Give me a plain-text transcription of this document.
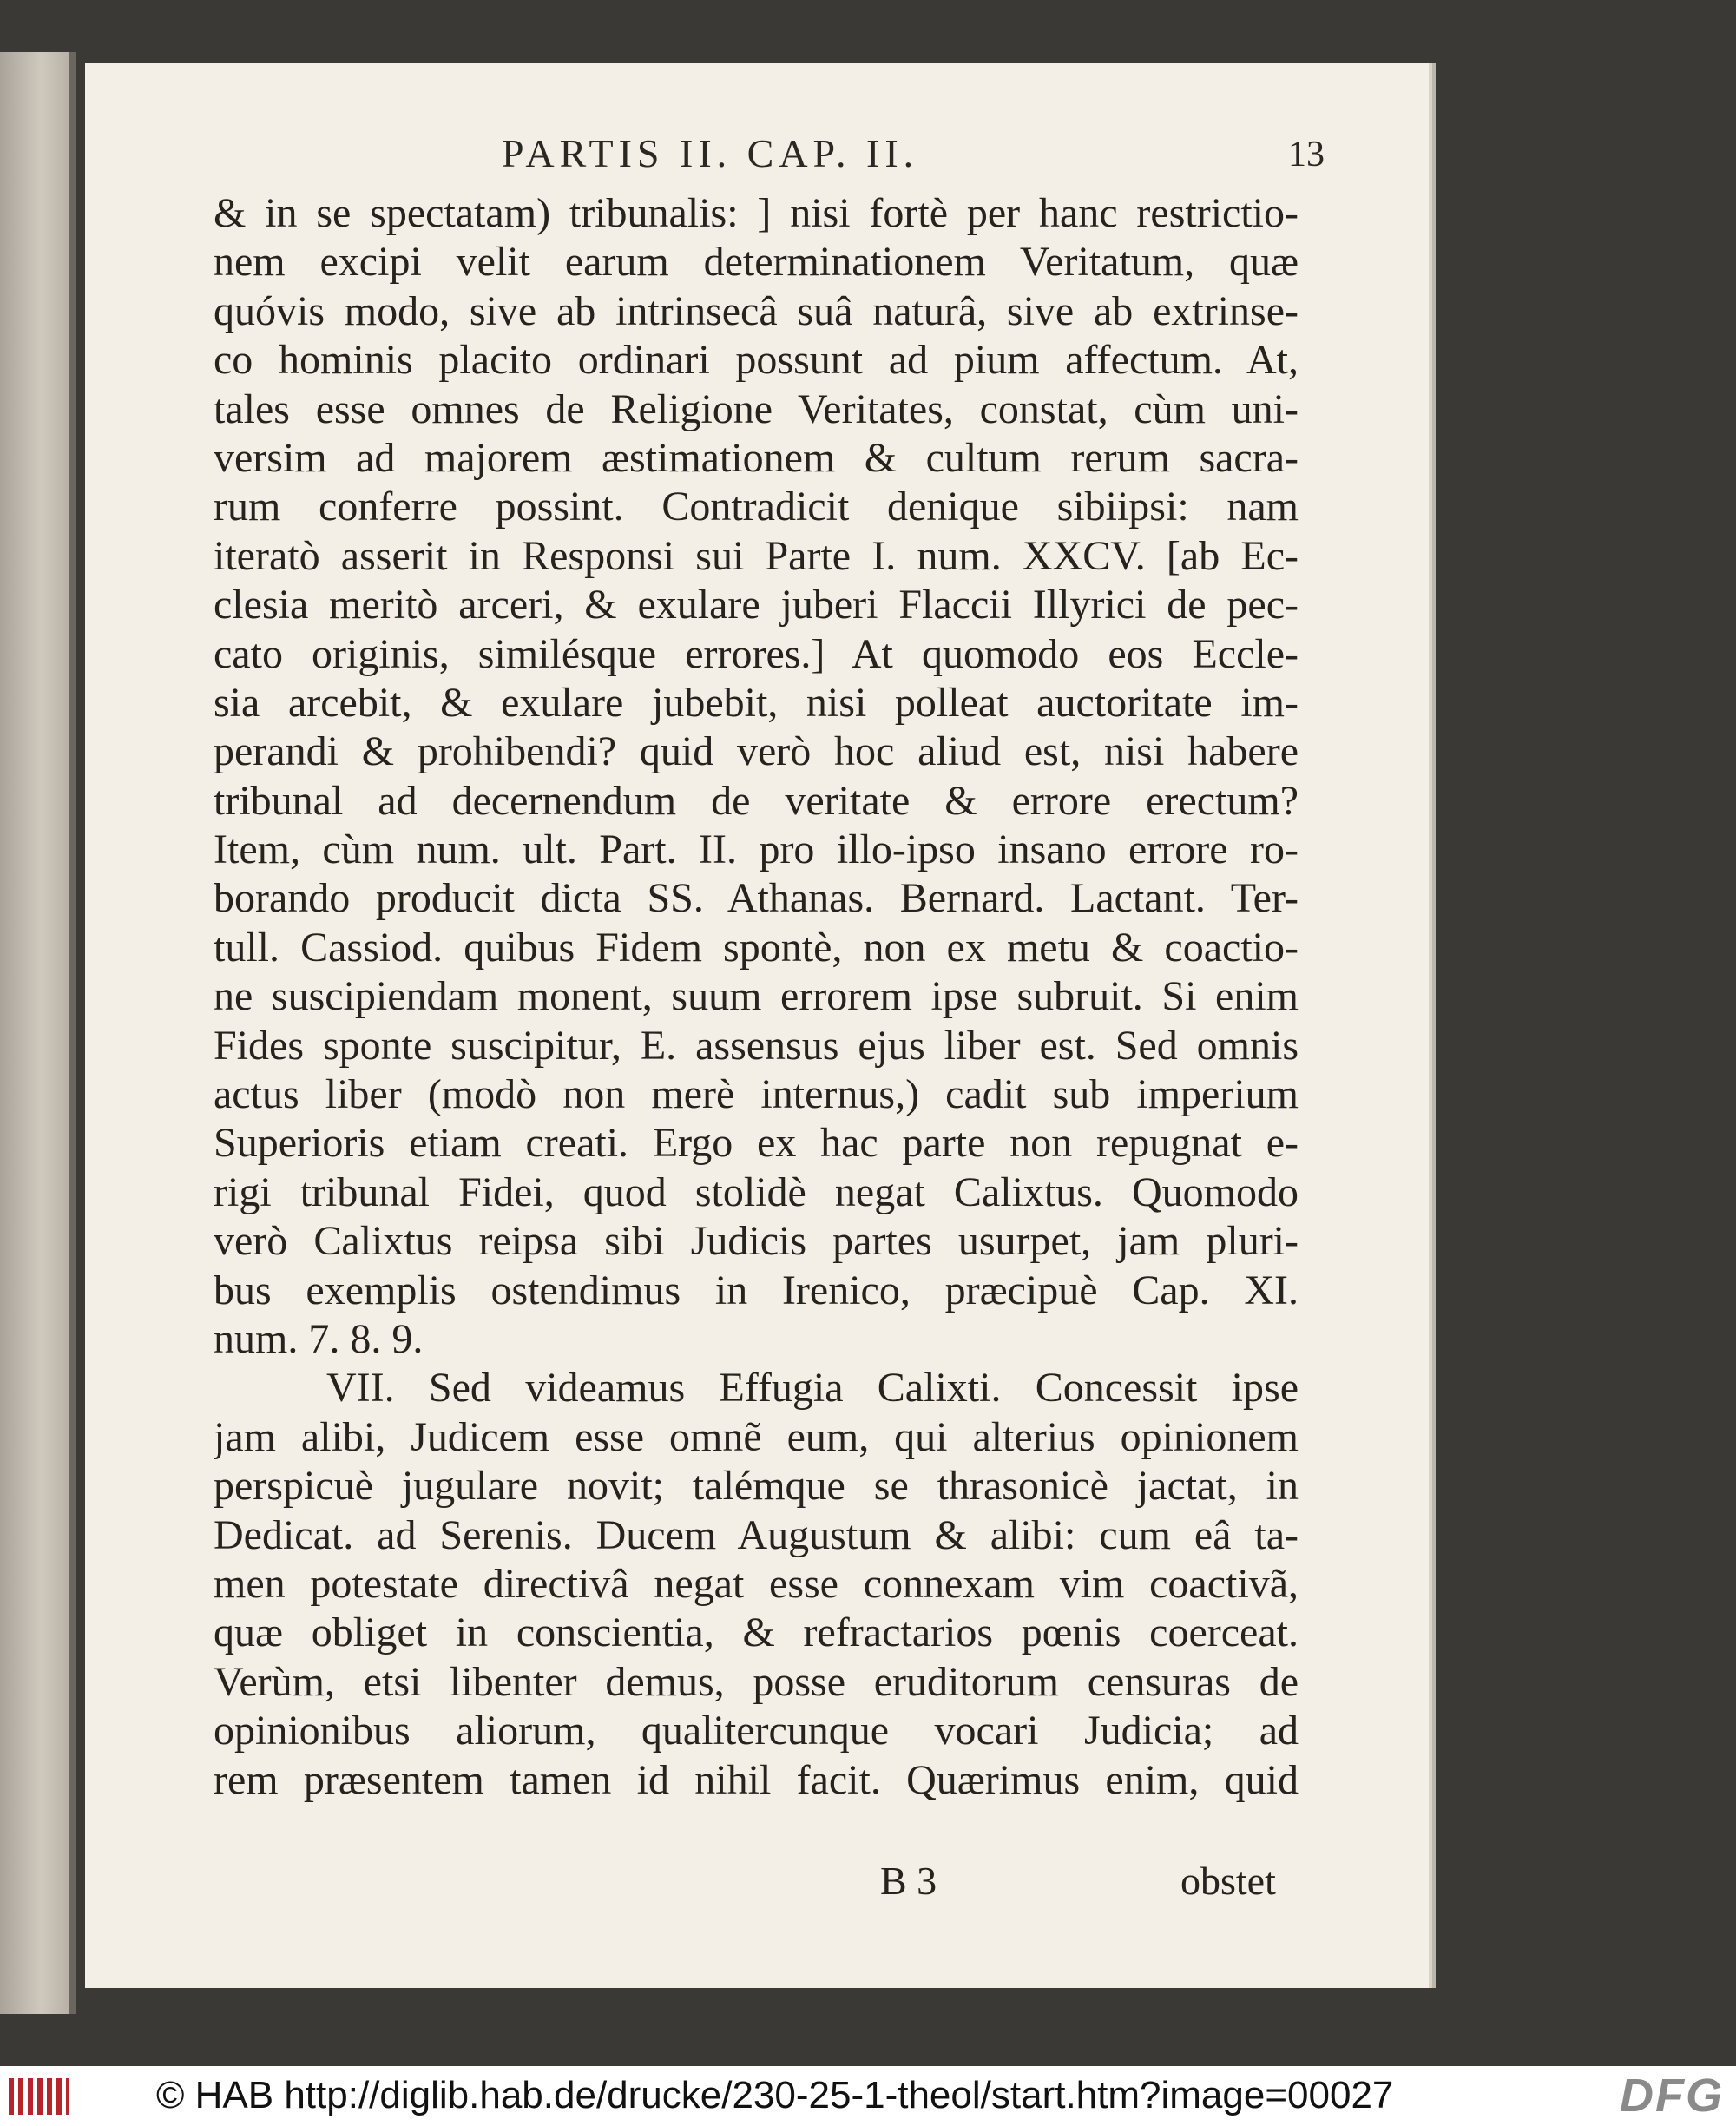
PARTIS II. CAP. II.	13
& in se spectatam) tribunalis: ] nisi fortè per hanc restrictio-
nem excipi velit earum determinationem Veritatum, quæ
quóvis modo, sive ab intrinsecâ suâ naturâ, sive ab extrinse-
co hominis placito ordinari possunt ad pium affectum. At,
tales esse omnes de Religione Veritates, constat, cùm uni-
versim ad majorem æstimationem & cultum rerum sacra-
rum conferre possint. Contradicit denique sibiipsi: nam
iteratò asserit in Responsi sui Parte I. num. XXCV. [ab Ec-
clesia meritò arceri, & exulare juberi Flaccii Illyrici de pec-
cato originis, similésque errores.] At quomodo eos Eccle-
sia arcebit, & exulare jubebit, nisi polleat auctoritate im-
perandi & prohibendi? quid verò hoc aliud est, nisi habere
tribunal ad decernendum de veritate & errore erectum?
Item, cùm num. ult. Part. II. pro illo-ipso insano errore ro-
borando producit dicta SS. Athanas. Bernard. Lactant. Ter-
tull. Cassiod. quibus Fidem spontè, non ex metu & coactio-
ne suscipiendam monent, suum errorem ipse subruit. Si enim
Fides sponte suscipitur, E. assensus ejus liber est. Sed omnis
actus liber (modò non merè internus,) cadit sub imperium
Superioris etiam creati. Ergo ex hac parte non repugnat e-
rigi tribunal Fidei, quod stolidè negat Calixtus. Quomodo
verò Calixtus reipsa sibi Judicis partes usurpet, jam pluri-
bus exemplis ostendimus in Irenico, præcipuè Cap. XI.
num. 7. 8. 9.
VII. Sed videamus Effugia Calixti. Concessit ipse
jam alibi, Judicem esse omnẽ eum, qui alterius opinionem
perspicuè jugulare novit; talémque se thrasonicè jactat, in
Dedicat. ad Serenis. Ducem Augustum & alibi: cum eâ ta-
men potestate directivâ negat esse connexam vim coactivã,
quæ obliget in conscientia, & refractarios pœnis coerceat.
Verùm, etsi libenter demus, posse eruditorum censuras de
opinionibus aliorum, qualitercunque vocari Judicia; ad
rem præsentem tamen id nihil facit. Quærimus enim, quid
B 3	obstet
© HAB http://diglib.hab.de/drucke/230-25-1-theol/start.htm?image=00027	DFG
